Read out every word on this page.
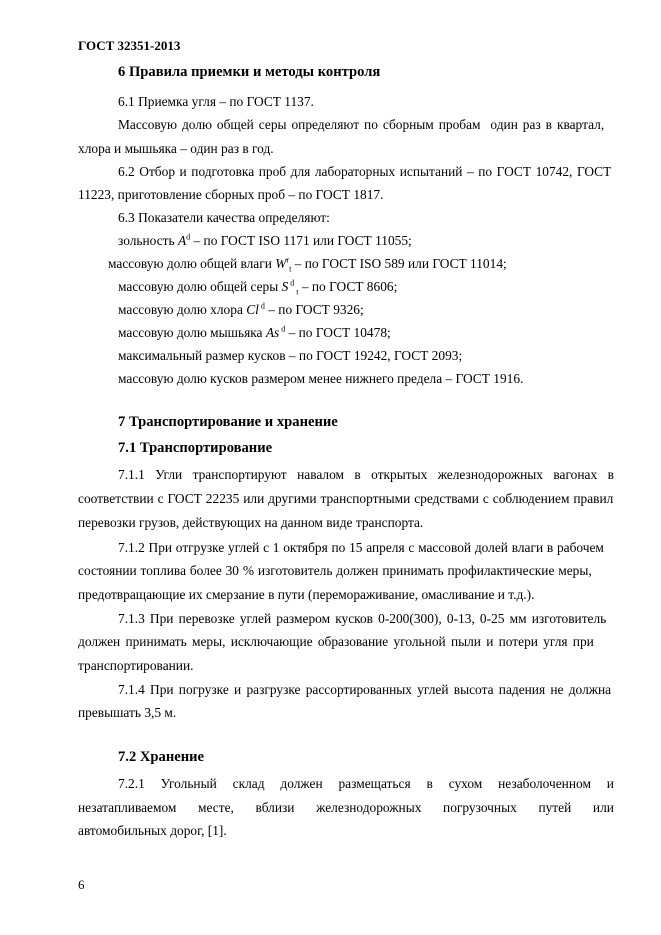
ГОСТ 32351-2013
6 Правила приемки и методы контроля
6.1 Приемка угля – по ГОСТ 1137.
Массовую долю общей серы определяют по сборным пробам  один раз в квартал,
хлора и мышьяка – один раз в год.
6.2 Отбор и подготовка проб для лабораторных испытаний – по ГОСТ 10742, ГОСТ
11223, приготовление сборных проб – по ГОСТ 1817.
6.3 Показатели качества определяют:
зольность $A^d$ – по ГОСТ ISO 1171 или ГОСТ 11055;
массовую долю общей влаги $W^r_t$ – по ГОСТ ISO 589 или ГОСТ 11014;
массовую долю общей серы S $^d$ $_t$ – по ГОСТ 8606;
массовую долю хлора Cl $^d$ – по ГОСТ 9326;
массовую долю мышьяка As $^d$ – по ГОСТ 10478;
максимальный размер кусков – по ГОСТ 19242, ГОСТ 2093;
массовую долю кусков размером менее нижнего предела – ГОСТ 1916.
7 Транспортирование и хранение
7.1 Транспортирование
7.1.1 Угли транспортируют навалом в открытых железнодорожных вагонах в
соответствии с ГОСТ 22235 или другими транспортными средствами с соблюдением правил
перевозки грузов, действующих на данном виде транспорта.
7.1.2 При отгрузке углей с 1 октября по 15 апреля с массовой долей влаги в рабочем
состоянии топлива более 30 % изготовитель должен принимать профилактические меры,
предотвращающие их смерзание в пути (перемораживание, омасливание и т.д.).
7.1.3 При перевозке углей размером кусков 0-200(300), 0-13, 0-25 мм изготовитель
должен принимать меры, исключающие образование угольной пыли и потери угля при
транспортировании.
7.1.4 При погрузке и разгрузке рассортированных углей высота падения не должна
превышать 3,5 м.
7.2 Хранение
7.2.1 Угольный склад должен размещаться в сухом незаболоченном и
незатапливаемом месте, вблизи железнодорожных погрузочных путей или
автомобильных дорог, [1].
6
